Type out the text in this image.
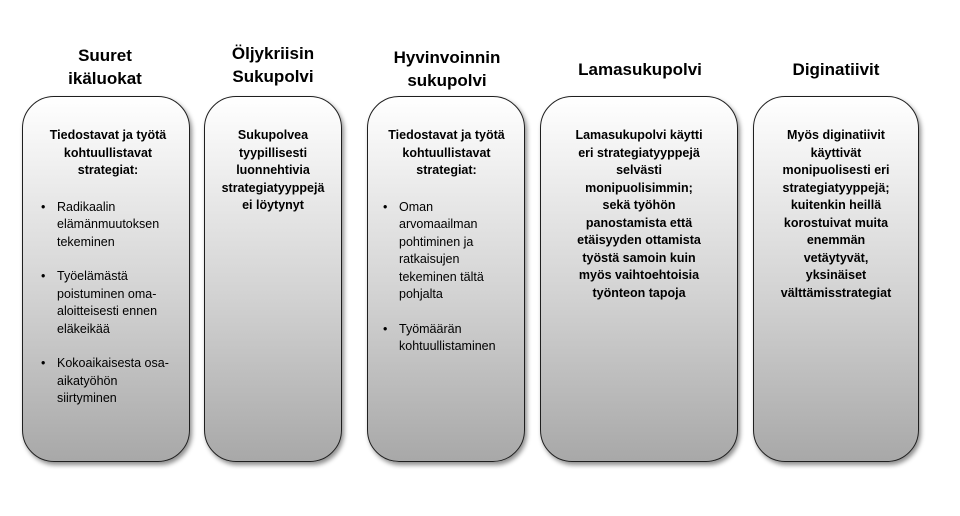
Suuret
ikäluokat
Tiedostavat ja työtä
kohtuullistavat
strategiat:
• Radikaalin
elämänmuutoksen
tekeminen
• Työelämästä
poistuminen oma-
aloitteisesti ennen
eläkeikää
• Kokoaikaisesta osa-
aikatyöhön
siirtyminen
Öljykriisin
Sukupolvi
Sukupolvea
tyypillisesti
luonnehtivia
strategiatyyppejä
ei löytynyt
Hyvinvoinnin
sukupolvi
Tiedostavat ja työtä
kohtuullistavat
strategiat:
• Oman
arvomaailman
pohtiminen ja
ratkaisujen
tekeminen tältä
pohjalta
• Työmäärän
kohtuullistaminen
Lamasukupolvi
Lamasukupolvi käytti
eri strategiatyyppejä
selvästi
monipuolisimmin;
sekä työhön
panostamista että
etäisyyden ottamista
työstä samoin kuin
myös vaihtoehtoisia
työnteon tapoja
Diginatiivit
Myös diginatiivit
käyttivät
monipuolisesti eri
strategiatyyppejä;
kuitenkin heillä
korostuivat muita
enemmän
vetäytyvät,
yksinäiset
välttämisstrategiat
